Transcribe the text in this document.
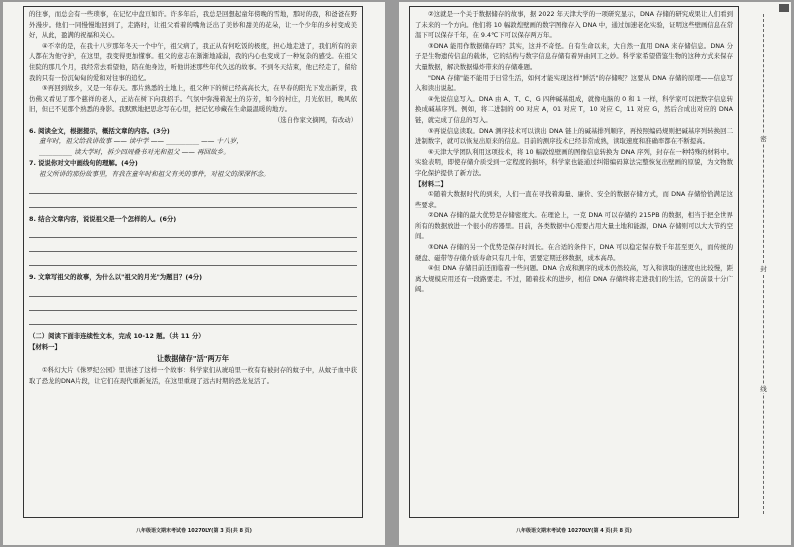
的往事，而总会有一些琐事，在记忆中盘亘如许。许多年后，我总是回想起童年傍晚的雪地，那时的我，和爸爸在野外漫步。他们一同慢慢地回到了，走路时，让祖父看着的嘴角泛出了美妙和甜美的花朵，让一个少年的乡村变成美好，从此，盈满的祝福和关心。

④不幸的是，在我十八岁那年冬天一个中午，祖父病了，我正从有何吃饭的极度，担心地走进了，我们所有的亲人都在为他守护，在这里，我变得更加懂事。祖父的意志在渐渐地减弱，我的内心也变成了一种复杂的感受。在祖父住院的那几个月，我经常去看望他，陪在他身边，听他讲述那些年代久远的故事。不到冬天结束，他已经走了，留给我的只有一份沉甸甸的爱和对往事的追忆。

⑤再回到故乡，又是一年春天。那片熟悉的土地上，祖父种下的树已经高高长大，在早春的阳光下发出新芽，我仿佛又看见了那个慈祥的老人，正站在树下向我招手。气氛中弥漫着泥土的芬芳，如今的村庄，月光依旧，晚风依旧，但已不见那个熟悉的身影。我默默地把思念写在心里，把记忆珍藏在生命最温暖的地方。

（选自作家文摘网，有改动）

6. 阅读全文，根据提示，概括文章的内容。(3分)

童年时，祖父给我讲故事 —— 读中学 —— __________ —— 十八岁，

__________ 读大学时，拆少四周叠书对光和祖父 —— 再回故乡。

7. 说说你对文中画线句的理解。(4分)

祖父所讲的那份故事里，有我在童年时和祖父有关的事件，对祖父的深深怀念。

8. 结合文章内容，说说祖父是一个怎样的人。(6分)

9. 文章写祖父的故事，为什么以"祖父的月光"为题目？(4分)

（二）阅读下面非连续性文本，完成 10-12 题。（共 11 分）

【材料一】

让数据储存"活"两万年

①科幻大片《侏罗纪公园》里讲述了这样一个故事：科学家们从琥珀里一枚有有被封存的蚊子中，从蚊子血中获取了恐龙的DNA片段，让它们在现代重新复活，在这里重现了远古时期的恐龙复活了。

八年级语文期末考试卷 10270LY(第 3 页(共 8 页)

②这就是一个关于数据储存的故事，据 2022 年天津大学的一项研究显示，DNA 存储的研究成果让人们看到了未来的一个方向。他们将 10 幅敦煌壁画的数字图像存入 DNA 中，通过加速老化实验，证明这些壁画信息在常温下可以保存千年，在 9.4℃下可以保存两万年。

③DNA 能用作数据储存吗？其实，这并不奇怪。自有生命以来，大自然一直用 DNA 来存储信息。DNA 分子是生物遗传信息的载体，它的结构与数字信息存储有着异曲同工之妙。科学家希望借鉴生物的这种方式来保存大量数据，解决数据爆炸带来的存储难题。

"DNA 存储"能不能用于日常生活，如何才能实现这样"鲜活"的存储呢？这要从 DNA 存储的原理——信息写入和读出说起。

④先说信息写入。DNA 由 A、T、C、G 四种碱基组成，就像电脑的 0 和 1 一样，科学家可以把数字信息转换成碱基序列。例如，将二进制的 00 对应 A，01 对应 T，10 对应 C，11 对应 G，然后合成出对应的 DNA 链，就完成了信息的写入。

⑤再说信息读取。DNA 测序技术可以读出 DNA 链上的碱基排列顺序，再按照编码规则把碱基序列转换回二进制数字，就可以恢复出原来的信息。目前的测序技术已经非常成熟，读取速度和准确率都在不断提高。

⑥天津大学团队利用这项技术，将 10 幅敦煌壁画的图像信息转换为 DNA 序列，封存在一种特殊的材料中。实验表明，即使存储介质受到一定程度的损坏，科学家也能通过纠错编码算法完整恢复出壁画的原貌，为文物数字化保护提供了新方法。

【材料二】

①随着大数据时代的到来，人们一直在寻找着海量、廉价、安全的数据存储方式，而 DNA 存储恰恰满足这些要求。

②DNA 存储的最大优势是存储密度大。在理论上，一克 DNA 可以存储约 215PB 的数据，相当于把全世界所有的数据放进一个很小的容器里。目前，各类数据中心需要占用大量土地和能源，DNA 存储则可以大大节约空间。

③DNA 存储的另一个优势是保存时间长。在合适的条件下，DNA 可以稳定保存数千年甚至更久，而传统的硬盘、磁带等存储介质寿命只有几十年，需要定期迁移数据，成本高昂。

④但 DNA 存储目前还面临着一些问题。DNA 合成和测序的成本仍然较高，写入和读取的速度也比较慢，距离大规模应用还有一段路要走。不过，随着技术的进步，相信 DNA 存储终将走进我们的生活，它的前景十分广阔。

密
封
线
八年级语文期末考试卷 10270LY(第 4 页(共 8 页)
